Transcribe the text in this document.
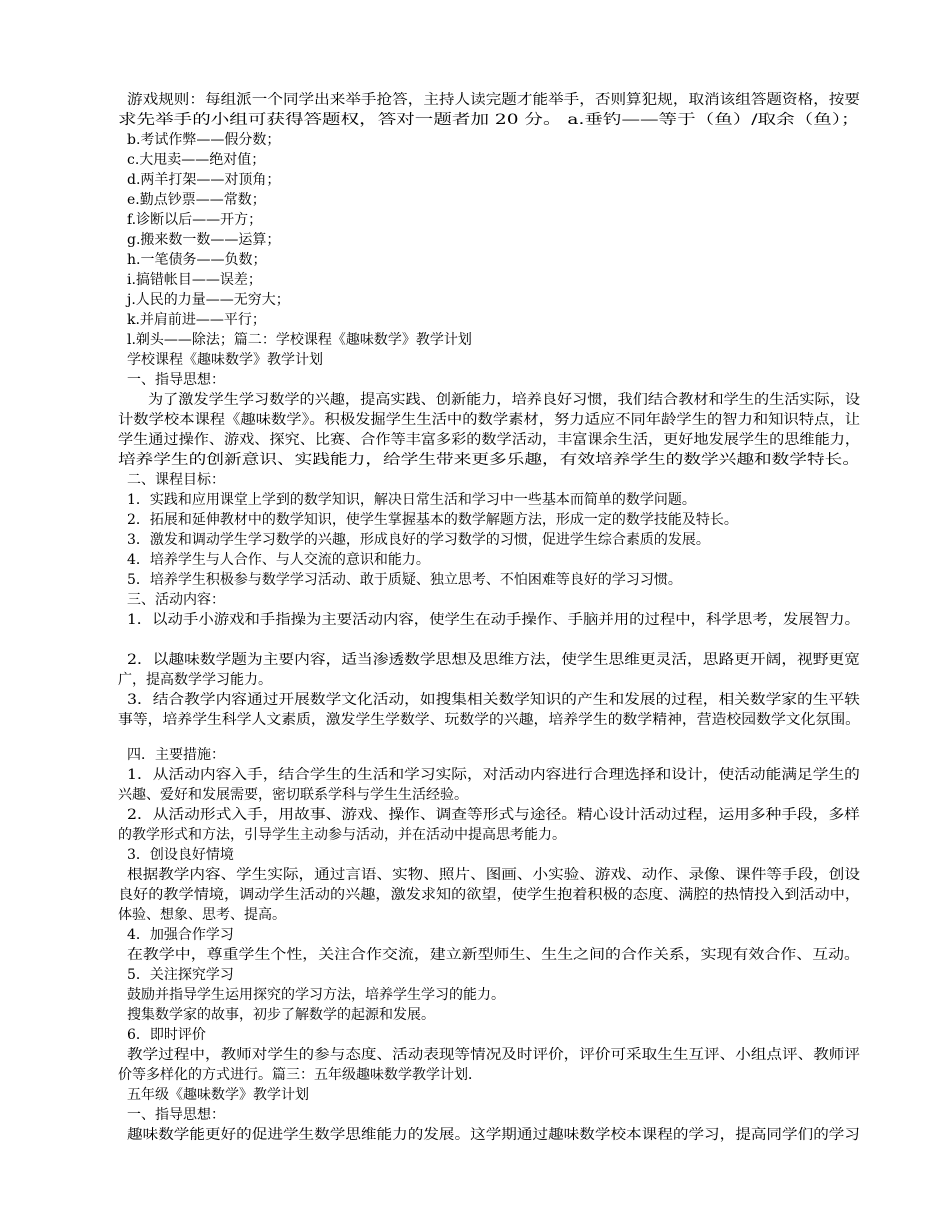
游戏规则：每组派一个同学出来举手抢答，主持人读完题才能举手，否则算犯规，取消该组答题资格，按要
求先举手的小组可获得答题权，答对一题者加 20 分。 a.垂钓——等于（鱼）/取余（鱼）；
b.考试作弊——假分数；
c.大甩卖——绝对值；
d.两羊打架——对顶角；
e.勤点钞票——常数；
f.诊断以后——开方；
g.搬来数一数——运算；
h.一笔债务——负数；
i.搞错帐目——误差；
j.人民的力量——无穷大；
k.并肩前进——平行；
l.剃头——除法；篇二：学校课程《趣味数学》教学计划
学校课程《趣味数学》教学计划
一、指导思想：
为了激发学生学习数学的兴趣，提高实践、创新能力，培养良好习惯，我们结合教材和学生的生活实际，设
计数学校本课程《趣味数学》。积极发掘学生生活中的数学素材，努力适应不同年龄学生的智力和知识特点，让
学生通过操作、游戏、探究、比赛、合作等丰富多彩的数学活动，丰富课余生活，更好地发展学生的思维能力，
培养学生的创新意识、实践能力，给学生带来更多乐趣，有效培养学生的数学兴趣和数学特长。
二、课程目标：
1．实践和应用课堂上学到的数学知识，解决日常生活和学习中一些基本而简单的数学问题。
2．拓展和延伸教材中的数学知识，使学生掌握基本的数学解题方法，形成一定的数学技能及特长。
3．激发和调动学生学习数学的兴趣，形成良好的学习数学的习惯，促进学生综合素质的发展。
4．培养学生与人合作、与人交流的意识和能力。
5．培养学生积极参与数学学习活动、敢于质疑、独立思考、不怕困难等良好的学习习惯。
三、活动内容：
1．以动手小游戏和手指操为主要活动内容，使学生在动手操作、手脑并用的过程中，科学思考，发展智力。
2．以趣味数学题为主要内容，适当渗透数学思想及思维方法，使学生思维更灵活，思路更开阔，视野更宽
广，提高数学学习能力。
3．结合教学内容通过开展数学文化活动，如搜集相关数学知识的产生和发展的过程，相关数学家的生平轶
事等，培养学生科学人文素质，激发学生学数学、玩数学的兴趣，培养学生的数学精神，营造校园数学文化氛围。
四．主要措施：
1．从活动内容入手，结合学生的生活和学习实际，对活动内容进行合理选择和设计，使活动能满足学生的
兴趣、爱好和发展需要，密切联系学科与学生生活经验。
2．从活动形式入手，用故事、游戏、操作、调查等形式与途径。精心设计活动过程，运用多种手段，多样
的教学形式和方法，引导学生主动参与活动，并在活动中提高思考能力。
3．创设良好情境
根据教学内容、学生实际，通过言语、实物、照片、图画、小实验、游戏、动作、录像、课件等手段，创设
良好的教学情境，调动学生活动的兴趣，激发求知的欲望，使学生抱着积极的态度、满腔的热情投入到活动中，
体验、想象、思考、提高。
4．加强合作学习
在教学中，尊重学生个性，关注合作交流，建立新型师生、生生之间的合作关系，实现有效合作、互动。
5．关注探究学习
鼓励并指导学生运用探究的学习方法，培养学生学习的能力。
搜集数学家的故事，初步了解数学的起源和发展。
6．即时评价
教学过程中，教师对学生的参与态度、活动表现等情况及时评价，评价可采取生生互评、小组点评、教师评
价等多样化的方式进行。篇三：五年级趣味数学教学计划．
五年级《趣味数学》教学计划
一、指导思想：
趣味数学能更好的促进学生数学思维能力的发展。这学期通过趣味数学校本课程的学习，提高同学们的学习
